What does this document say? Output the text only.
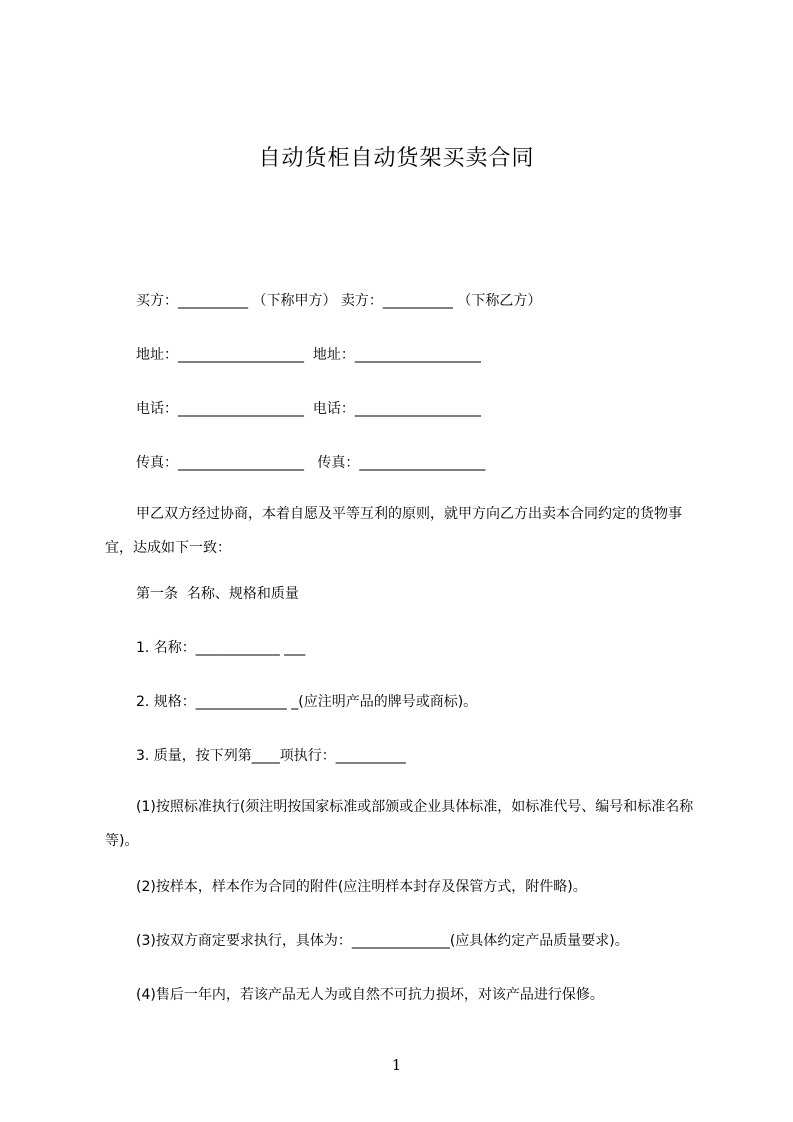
自动货柜自动货架买卖合同
买方：__________ （下称甲方） 卖方：__________ （下称乙方）
地址：__________________  地址：__________________
电话：__________________  电话：__________________
传真：__________________   传真：__________________
甲乙双方经过协商，本着自愿及平等互利的原则，就甲方向乙方出卖本合同约定的货物事宜，达成如下一致：
第一条  名称、规格和质量
1. 名称：____________ ___
2. 规格：_____________ _(应注明产品的牌号或商标)。
3. 质量，按下列第____项执行：__________
(1)按照标准执行(须注明按国家标准或部颁或企业具体标准，如标准代号、编号和标准名称等)。
(2)按样本，样本作为合同的附件(应注明样本封存及保管方式，附件略)。
(3)按双方商定要求执行，具体为：______________(应具体约定产品质量要求)。
(4)售后一年内，若该产品无人为或自然不可抗力损坏，对该产品进行保修。
1
